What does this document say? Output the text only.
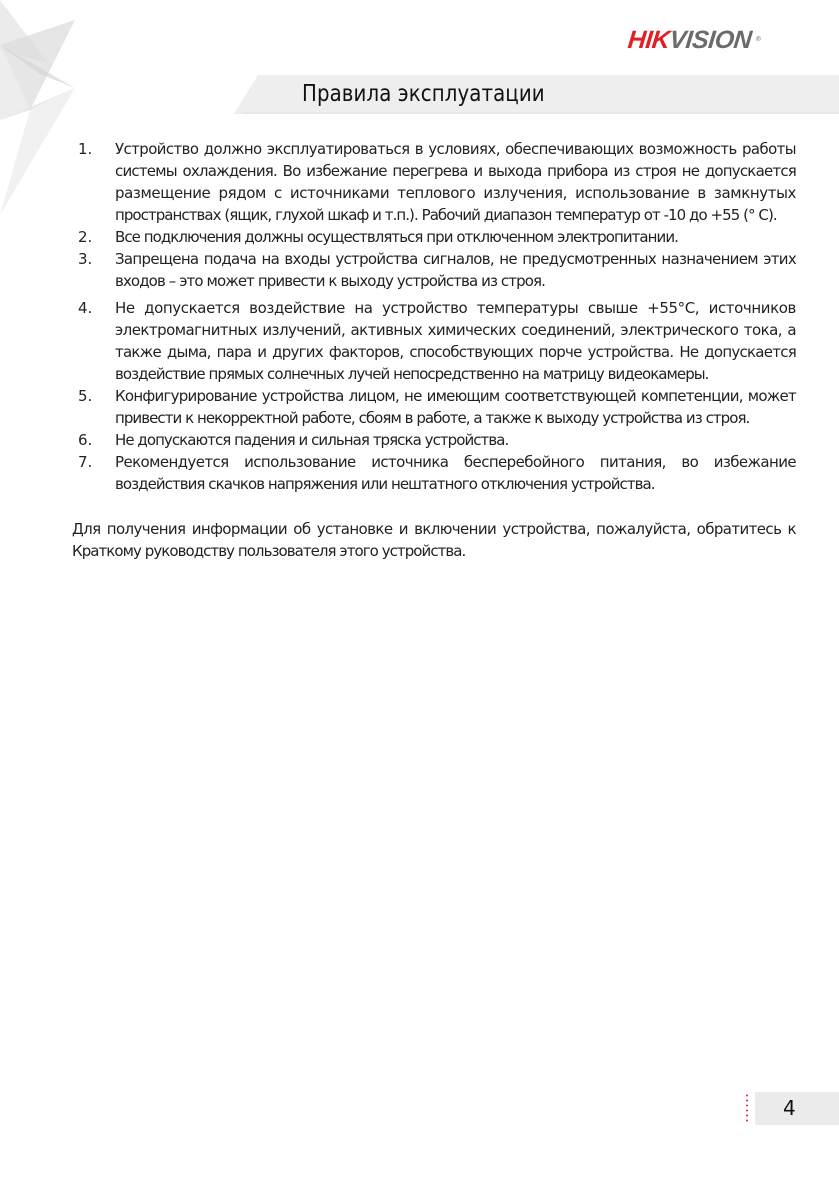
HIKVISION ®
Правила эксплуатации
1. Устройство должно эксплуатироваться в условиях, обеспечивающих возможность работы
системы охлаждения. Во избежание перегрева и выхода прибора из строя не допускается
размещение рядом с источниками теплового излучения, использование в замкнутых
пространствах (ящик, глухой шкаф и т.п.). Рабочий диапазон температур от -10 до +55 (° C).
2. Все подключения должны осуществляться при отключенном электропитании.
3. Запрещена подача на входы устройства сигналов, не предусмотренных назначением этих
входов – это может привести к выходу устройства из строя.
4. Не допускается воздействие на устройство температуры свыше +55°C, источников
электромагнитных излучений, активных химических соединений, электрического тока, а
также дыма, пара и других факторов, способствующих порче устройства. Не допускается
воздействие прямых солнечных лучей непосредственно на матрицу видеокамеры.
5. Конфигурирование устройства лицом, не имеющим соответствующей компетенции, может
привести к некорректной работе, сбоям в работе, а также к выходу устройства из строя.
6. Не допускаются падения и сильная тряска устройства.
7. Рекомендуется использование источника бесперебойного питания, во избежание
воздействия скачков напряжения или нештатного отключения устройства.
Для получения информации об установке и включении устройства, пожалуйста, обратитесь к
Краткому руководству пользователя этого устройства.
4
